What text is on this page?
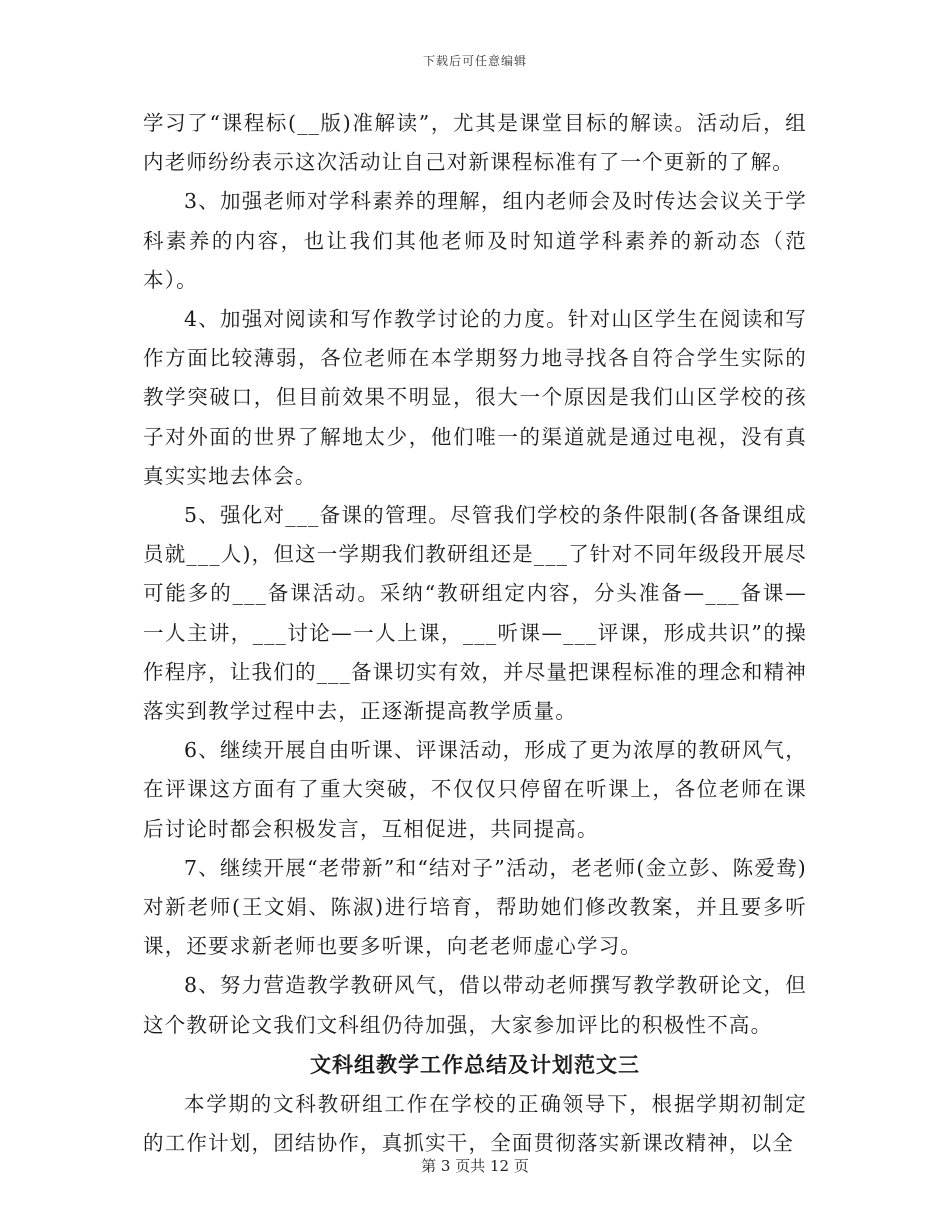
下载后可任意编辑

学习了“课程标(__版)准解读”，尤其是课堂目标的解读。活动后，组内老师纷纷表示这次活动让自己对新课程标准有了一个更新的了解。

3、加强老师对学科素养的理解，组内老师会及时传达会议关于学科素养的内容，也让我们其他老师及时知道学科素养的新动态（范本）。

4、加强对阅读和写作教学讨论的力度。针对山区学生在阅读和写作方面比较薄弱，各位老师在本学期努力地寻找各自符合学生实际的教学突破口，但目前效果不明显，很大一个原因是我们山区学校的孩子对外面的世界了解地太少，他们唯一的渠道就是通过电视，没有真真实实地去体会。

5、强化对___备课的管理。尽管我们学校的条件限制(各备课组成员就___人)，但这一学期我们教研组还是___了针对不同年级段开展尽可能多的___备课活动。采纳“教研组定内容，分头准备—___备课—一人主讲，___讨论—一人上课，___听课—___评课，形成共识”的操作程序，让我们的___备课切实有效，并尽量把课程标准的理念和精神落实到教学过程中去，正逐渐提高教学质量。

6、继续开展自由听课、评课活动，形成了更为浓厚的教研风气，在评课这方面有了重大突破，不仅仅只停留在听课上，各位老师在课后讨论时都会积极发言，互相促进，共同提高。

7、继续开展“老带新”和“结对子”活动，老老师(金立彭、陈爱鸯)对新老师(王文娟、陈淑)进行培育，帮助她们修改教案，并且要多听课，还要求新老师也要多听课，向老老师虚心学习。

8、努力营造教学教研风气，借以带动老师撰写教学教研论文，但这个教研论文我们文科组仍待加强，大家参加评比的积极性不高。

文科组教学工作总结及计划范文三

本学期的文科教研组工作在学校的正确领导下，根据学期初制定的工作计划，团结协作，真抓实干，全面贯彻落实新课改精神，以全

第 3 页共 12 页
